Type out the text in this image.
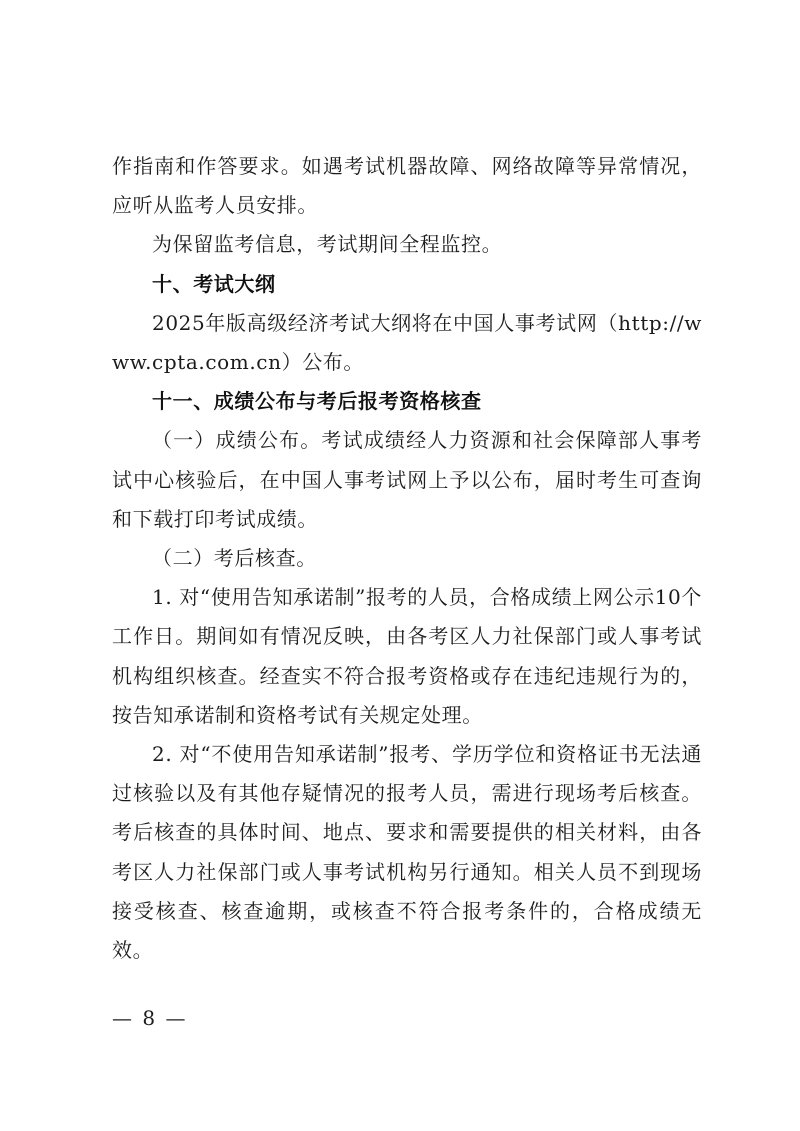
作指南和作答要求。如遇考试机器故障、网络故障等异常情况，应听从监考人员安排。

为保留监考信息，考试期间全程监控。

十、考试大纲

2025年版高级经济考试大纲将在中国人事考试网（http://www.cpta.com.cn）公布。

十一、成绩公布与考后报考资格核查

（一）成绩公布。考试成绩经人力资源和社会保障部人事考试中心核验后，在中国人事考试网上予以公布，届时考生可查询和下载打印考试成绩。

（二）考后核查。

1. 对“使用告知承诺制”报考的人员，合格成绩上网公示10个工作日。期间如有情况反映，由各考区人力社保部门或人事考试机构组织核查。经查实不符合报考资格或存在违纪违规行为的，按告知承诺制和资格考试有关规定处理。

2. 对“不使用告知承诺制”报考、学历学位和资格证书无法通过核验以及有其他存疑情况的报考人员，需进行现场考后核查。考后核查的具体时间、地点、要求和需要提供的相关材料，由各考区人力社保部门或人事考试机构另行通知。相关人员不到现场接受核查、核查逾期，或核查不符合报考条件的，合格成绩无效。

— 8 —
